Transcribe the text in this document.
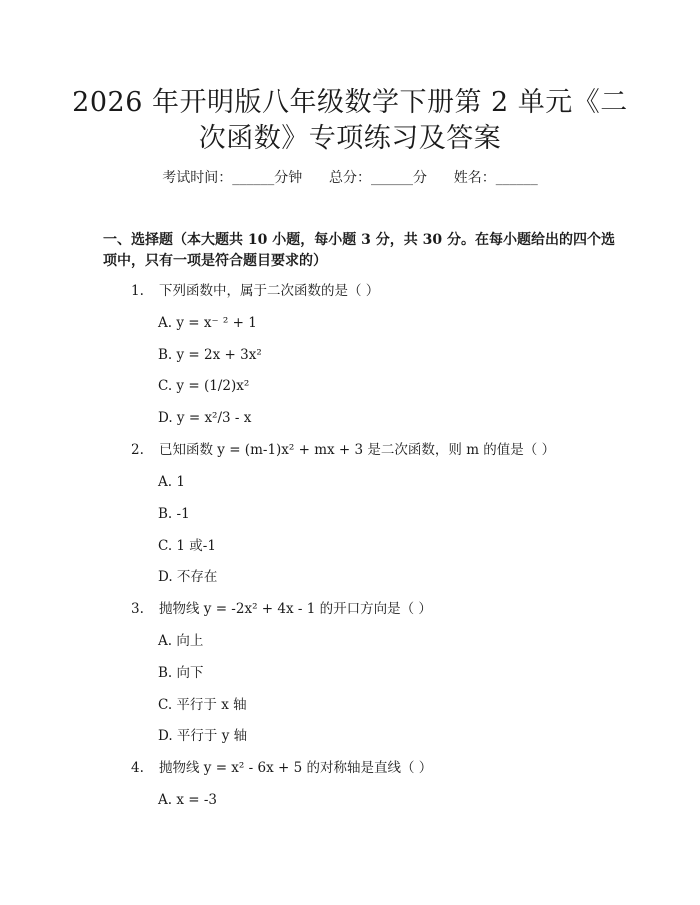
2026 年开明版八年级数学下册第 2 单元《二
次函数》专项练习及答案
考试时间：______分钟 总分：______分 姓名：______
一、选择题（本大题共 10 小题，每小题 3 分，共 30 分。在每小题给出的四个选
项中，只有一项是符合题目要求的）
1. 下列函数中，属于二次函数的是（ ）
A. y = x⁻ ² + 1
B. y = 2x + 3x²
C. y = (1/2)x²
D. y = x²/3 - x
2. 已知函数 y = (m-1)x² + mx + 3 是二次函数，则 m 的值是（ ）
A. 1
B. -1
C. 1 或-1
D. 不存在
3. 抛物线 y = -2x² + 4x - 1 的开口方向是（ ）
A. 向上
B. 向下
C. 平行于 x 轴
D. 平行于 y 轴
4. 抛物线 y = x² - 6x + 5 的对称轴是直线（ ）
A. x = -3
